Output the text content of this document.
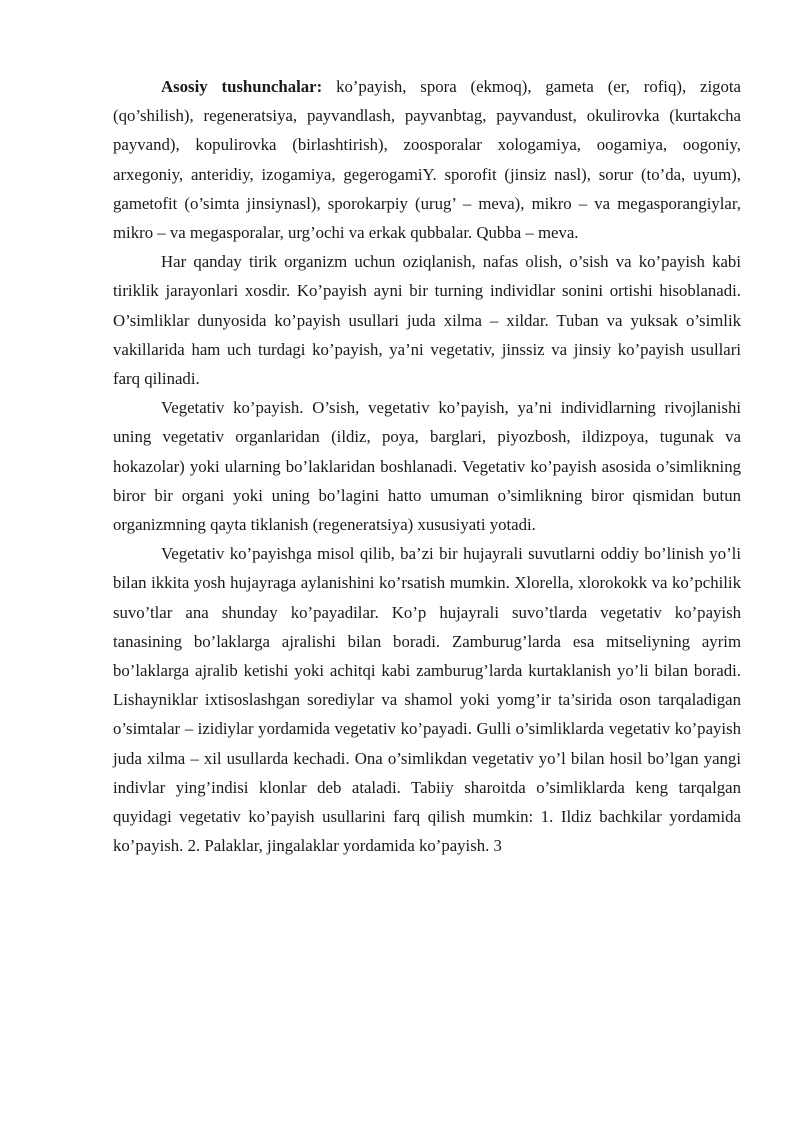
Asosiy tushunchalar: ko’payish, spora (ekmoq), gameta (er, rofiq), zigota (qo’shilish), regeneratsiya, payvandlash, payvanbtag, payvandust, okulirovka (kurtakcha payvand), kopulirovka (birlashtirish), zoosporalar xologamiya, oogamiya, oogoniy, arxegoniy, anteridiy, izogamiya, gegerogamiY. sporofit (jinsiz nasl), sorur (to’da, uyum), gametofit (o’simta jinsiynasl), sporokarpiy (urug’ – meva), mikro – va megasporangiylar, mikro – va megasporalar, urg’ochi va erkak qubbalar. Qubba – meva.

Har qanday tirik organizm uchun oziqlanish, nafas olish, o’sish va ko’payish kabi tiriklik jarayonlari xosdir. Ko’payish ayni bir turning individlar sonini ortishi hisoblanadi. O’simliklar dunyosida ko’payish usullari juda xilma – xildar. Tuban va yuksak o’simlik vakillarida ham uch turdagi ko’payish, ya’ni vegetativ, jinssiz va jinsiy ko’payish usullari farq qilinadi.

Vegetativ ko’payish. O’sish, vegetativ ko’payish, ya’ni individlarning rivojlanishi uning vegetativ organlaridan (ildiz, poya, barglari, piyozbosh, ildizpoya, tugunak va hokazolar) yoki ularning bo’laklaridan boshlanadi. Vegetativ ko’payish asosida o’simlikning biror bir organi yoki uning bo’lagini hatto umuman o’simlikning biror qismidan butun organizmning qayta tiklanish (regeneratsiya) xususiyati yotadi.

Vegetativ ko’payishga misol qilib, ba’zi bir hujayrali suvutlarni oddiy bo’linish yo’li bilan ikkita yosh hujayraga aylanishini ko’rsatish mumkin. Xlorella, xlorokokk va ko’pchilik suvo’tlar ana shunday ko’payadilar. Ko’p hujayrali suvo’tlarda vegetativ ko’payish tanasining bo’laklarga ajralishi bilan boradi. Zamburug’larda esa mitseliyning ayrim bo’laklarga ajralib ketishi yoki achitqi kabi zamburug’larda kurtaklanish yo’li bilan boradi. Lishayniklar ixtisoslashgan sorediylar va shamol yoki yomg’ir ta’sirida oson tarqaladigan o’simtalar – izidiylar yordamida vegetativ ko’payadi. Gulli o’simliklarda vegetativ ko’payish juda xilma – xil usullarda kechadi. Ona o’simlikdan vegetativ yo’l bilan hosil bo’lgan yangi indivlar ying’indisi klonlar deb ataladi. Tabiiy sharoitda o’simliklarda keng tarqalgan quyidagi vegetativ ko’payish usullarini farq qilish mumkin: 1. Ildiz bachkilar yordamida ko’payish. 2. Palaklar, jingalaklar yordamida ko’payish. 3
